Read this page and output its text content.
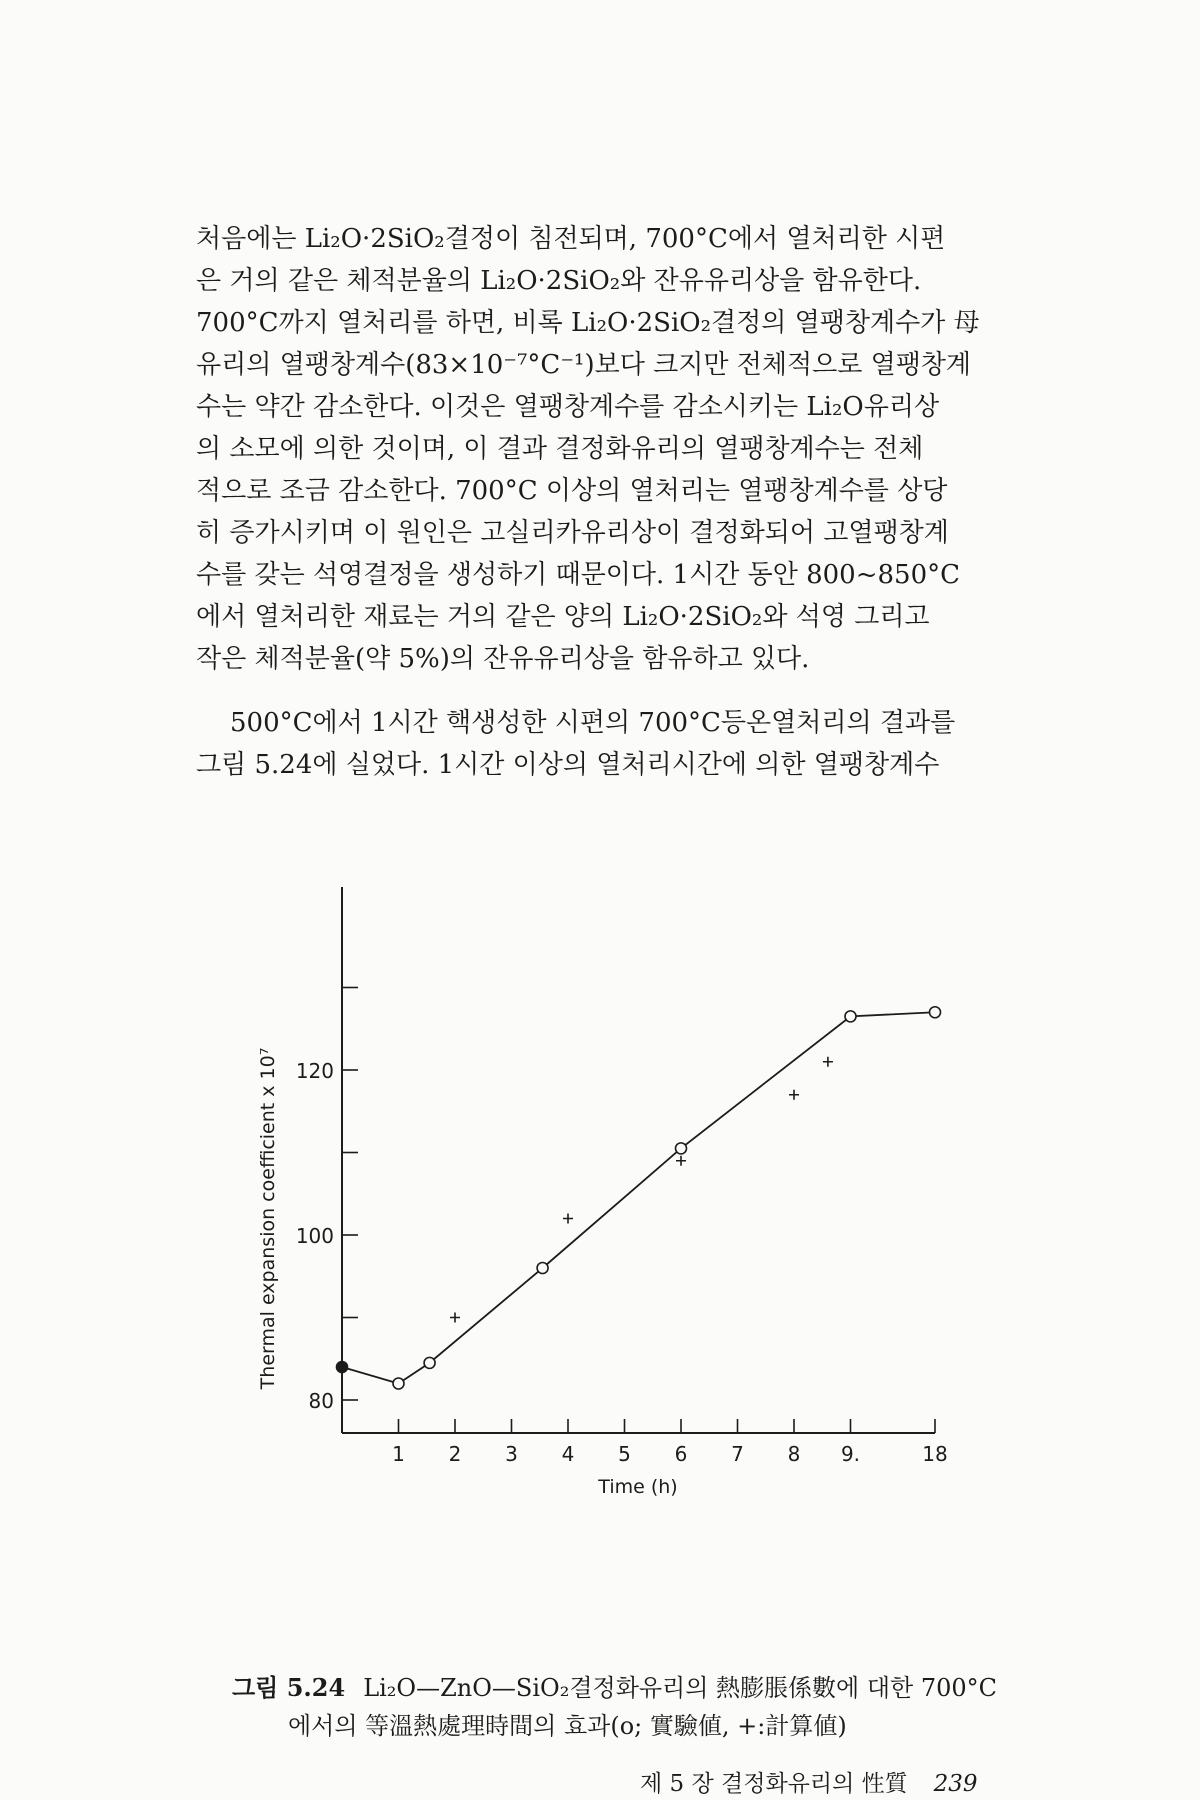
처음에는 Li₂O·2SiO₂결정이 침전되며, 700°C에서 열처리한 시편
은 거의 같은 체적분율의 Li₂O·2SiO₂와 잔유유리상을 함유한다.
700°C까지 열처리를 하면, 비록 Li₂O·2SiO₂결정의 열팽창계수가 母
유리의 열팽창계수(83×10⁻⁷°C⁻¹)보다 크지만 전체적으로 열팽창계
수는 약간 감소한다. 이것은 열팽창계수를 감소시키는 Li₂O유리상
의 소모에 의한 것이며, 이 결과 결정화유리의 열팽창계수는 전체
적으로 조금 감소한다. 700°C 이상의 열처리는 열팽창계수를 상당
히 증가시키며 이 원인은 고실리카유리상이 결정화되어 고열팽창계
수를 갖는 석영결정을 생성하기 때문이다. 1시간 동안 800~850°C
에서 열처리한 재료는 거의 같은 양의 Li₂O·2SiO₂와 석영 그리고
작은 체적분율(약 5%)의 잔유유리상을 함유하고 있다.
500°C에서 1시간 핵생성한 시편의 700°C등온열처리의 결과를
그림 5.24에 실었다. 1시간 이상의 열처리시간에 의한 열팽창계수
80
100
120
1 2 3 4 5 6 7 8 9.	18
Time (h)
Thermal expansion coefficient x 10⁷
그림 5.24 Li₂O—ZnO—SiO₂결정화유리의 熱膨脹係數에 대한 700°C
에서의 等溫熱處理時間의 효과(o; 實驗値, +:計算値)
제 5 장 결정화유리의 性質 239
